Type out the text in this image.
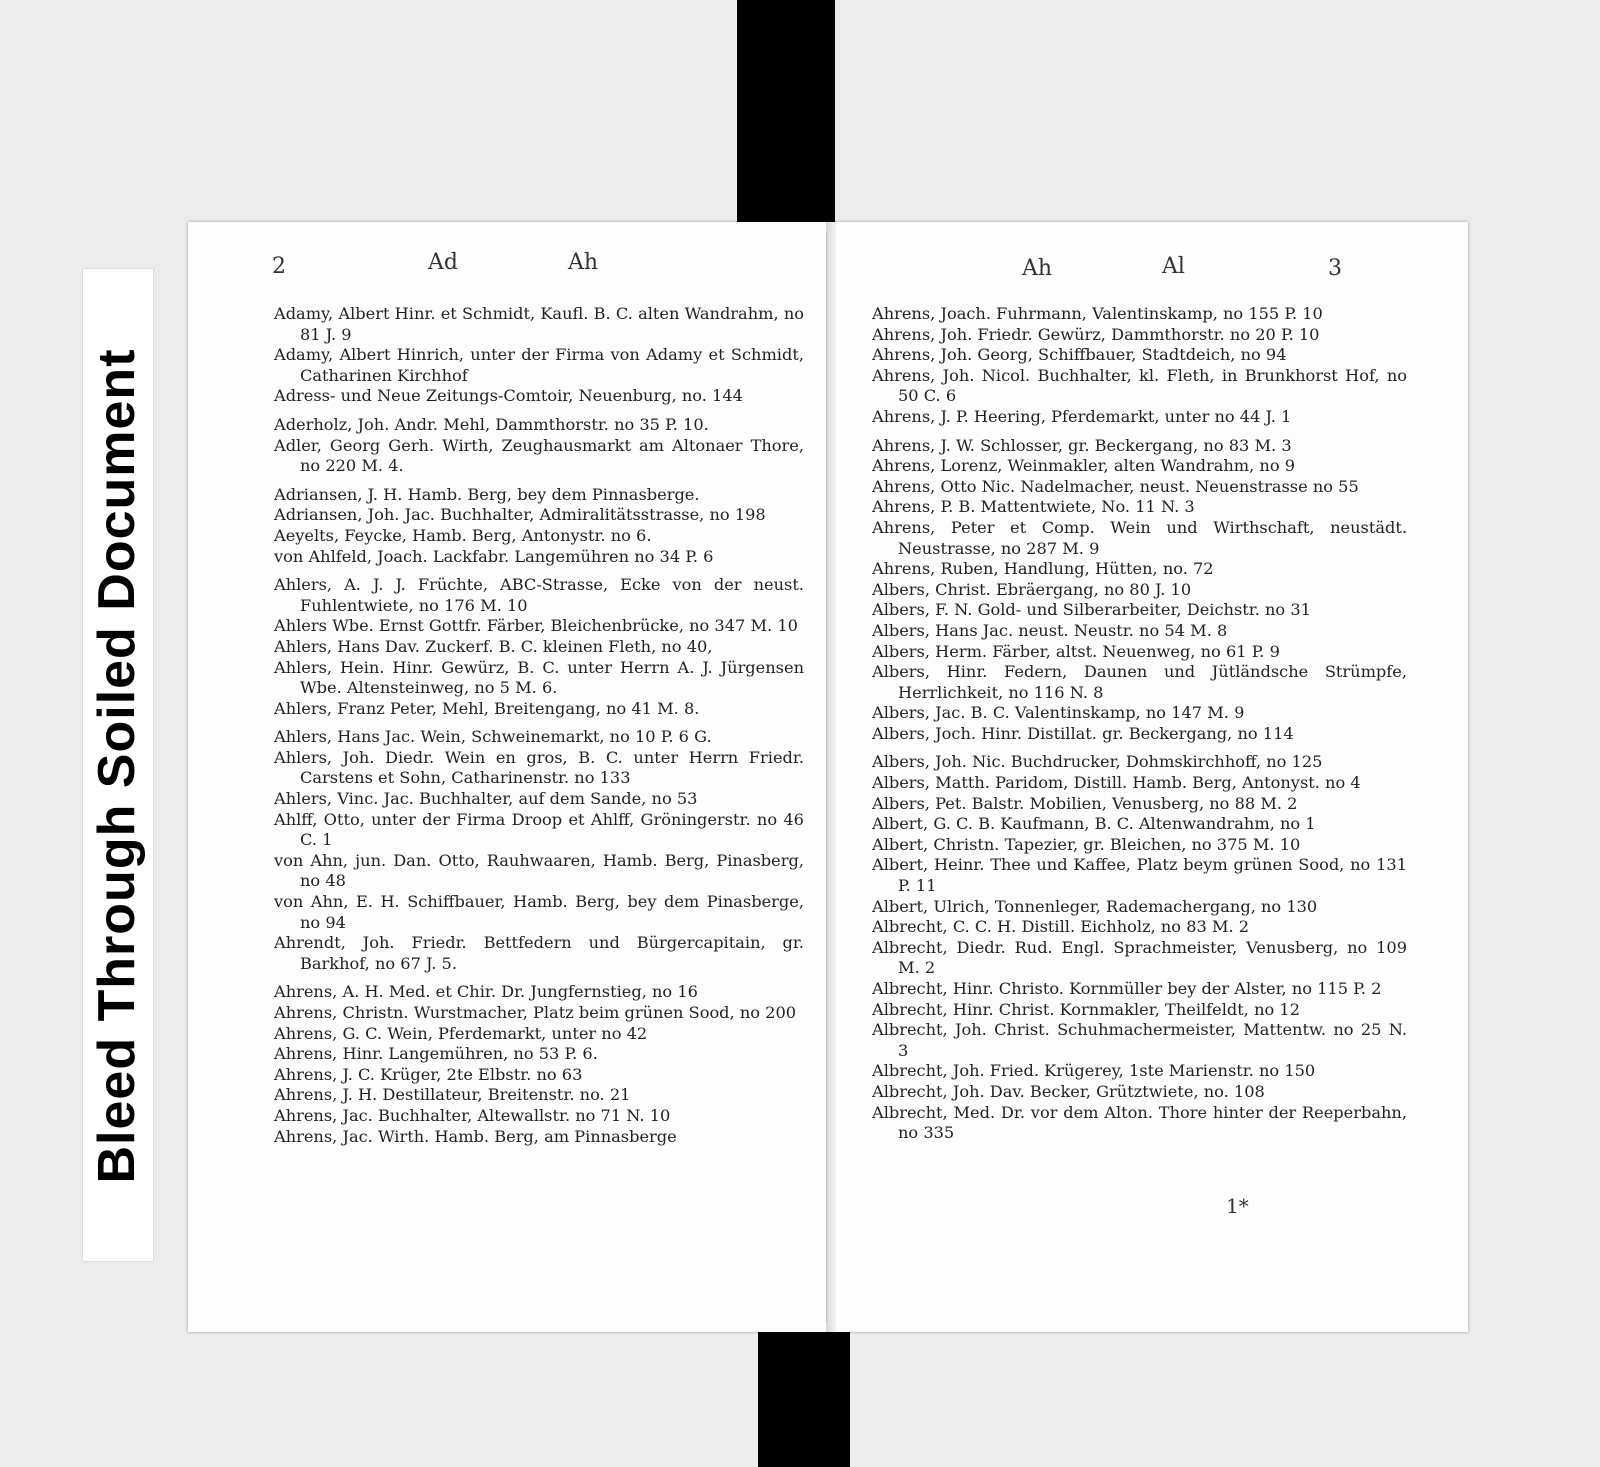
Bleed Through Soiled Document
2	Ad	Ah
Adamy, Albert Hinr. et Schmidt, Kaufl. B. C. alten Wandrahm, no 81 J. 9
Adamy, Albert Hinrich, unter der Firma von Adamy et Schmidt, Catharinen Kirchhof
Adress- und Neue Zeitungs-Comtoir, Neuenburg, no. 144
Aderholz, Joh. Andr. Mehl, Dammthorstr. no 35 P. 10.
Adler, Georg Gerh. Wirth, Zeughausmarkt am Altonaer Thore, no 220 M. 4.
Adriansen, J. H. Hamb. Berg, bey dem Pinnasberge.
Adriansen, Joh. Jac. Buchhalter, Admiralitätsstrasse, no 198
Aeyelts, Feycke, Hamb. Berg, Antonystr. no 6.
von Ahlfeld, Joach. Lackfabr. Langemühren no 34 P. 6
Ahlers, A. J. J. Früchte, ABC-Strasse, Ecke von der neust. Fuhlentwiete, no 176 M. 10
Ahlers Wbe. Ernst Gottfr. Färber, Bleichenbrücke, no 347 M. 10
Ahlers, Hans Dav. Zuckerf. B. C. kleinen Fleth, no 40,
Ahlers, Hein. Hinr. Gewürz, B. C. unter Herrn A. J. Jürgensen Wbe. Altensteinweg, no 5 M. 6.
Ahlers, Franz Peter, Mehl, Breitengang, no 41 M. 8.
Ahlers, Hans Jac. Wein, Schweinemarkt, no 10 P. 6 G.
Ahlers, Joh. Diedr. Wein en gros, B. C. unter Herrn Friedr. Carstens et Sohn, Catharinenstr. no 133
Ahlers, Vinc. Jac. Buchhalter, auf dem Sande, no 53
Ahlff, Otto, unter der Firma Droop et Ahlff, Gröningerstr. no 46 C. 1
von Ahn, jun. Dan. Otto, Rauhwaaren, Hamb. Berg, Pinasberg, no 48
von Ahn, E. H. Schiffbauer, Hamb. Berg, bey dem Pinasberge, no 94
Ahrendt, Joh. Friedr. Bettfedern und Bürgercapitain, gr. Barkhof, no 67 J. 5.
Ahrens, A. H. Med. et Chir. Dr. Jungfernstieg, no 16
Ahrens, Christn. Wurstmacher, Platz beim grünen Sood, no 200
Ahrens, G. C. Wein, Pferdemarkt, unter no 42
Ahrens, Hinr. Langemühren, no 53 P. 6.
Ahrens, J. C. Krüger, 2te Elbstr. no 63
Ahrens, J. H. Destillateur, Breitenstr. no. 21
Ahrens, Jac. Buchhalter, Altewallstr. no 71 N. 10
Ahrens, Jac. Wirth. Hamb. Berg, am Pinnasberge
Ah	Al	3
Ahrens, Joach. Fuhrmann, Valentinskamp, no 155 P. 10
Ahrens, Joh. Friedr. Gewürz, Dammthorstr. no 20 P. 10
Ahrens, Joh. Georg, Schiffbauer, Stadtdeich, no 94
Ahrens, Joh. Nicol. Buchhalter, kl. Fleth, in Brunkhorst Hof, no 50 C. 6
Ahrens, J. P. Heering, Pferdemarkt, unter no 44 J. 1
Ahrens, J. W. Schlosser, gr. Beckergang, no 83 M. 3
Ahrens, Lorenz, Weinmakler, alten Wandrahm, no 9
Ahrens, Otto Nic. Nadelmacher, neust. Neuenstrasse no 55
Ahrens, P. B. Mattentwiete, No. 11 N. 3
Ahrens, Peter et Comp. Wein und Wirthschaft, neustädt. Neustrasse, no 287 M. 9
Ahrens, Ruben, Handlung, Hütten, no. 72
Albers, Christ. Ebräergang, no 80 J. 10
Albers, F. N. Gold- und Silberarbeiter, Deichstr. no 31
Albers, Hans Jac. neust. Neustr. no 54 M. 8
Albers, Herm. Färber, altst. Neuenweg, no 61 P. 9
Albers, Hinr. Federn, Daunen und Jütländsche Strümpfe, Herrlichkeit, no 116 N. 8
Albers, Jac. B. C. Valentinskamp, no 147 M. 9
Albers, Joch. Hinr. Distillat. gr. Beckergang, no 114
Albers, Joh. Nic. Buchdrucker, Dohmskirchhoff, no 125
Albers, Matth. Paridom, Distill. Hamb. Berg, Antonyst. no 4
Albers, Pet. Balstr. Mobilien, Venusberg, no 88 M. 2
Albert, G. C. B. Kaufmann, B. C. Altenwandrahm, no 1
Albert, Christn. Tapezier, gr. Bleichen, no 375 M. 10
Albert, Heinr. Thee und Kaffee, Platz beym grünen Sood, no 131 P. 11
Albert, Ulrich, Tonnenleger, Rademachergang, no 130
Albrecht, C. C. H. Distill. Eichholz, no 83 M. 2
Albrecht, Diedr. Rud. Engl. Sprachmeister, Venusberg, no 109 M. 2
Albrecht, Hinr. Christo. Kornmüller bey der Alster, no 115 P. 2
Albrecht, Hinr. Christ. Kornmakler, Theilfeldt, no 12
Albrecht, Joh. Christ. Schuhmachermeister, Mattentw. no 25 N. 3
Albrecht, Joh. Fried. Krügerey, 1ste Marienstr. no 150
Albrecht, Joh. Dav. Becker, Grütztwiete, no. 108
Albrecht, Med. Dr. vor dem Alton. Thore hinter der Reeperbahn, no 335
1*
